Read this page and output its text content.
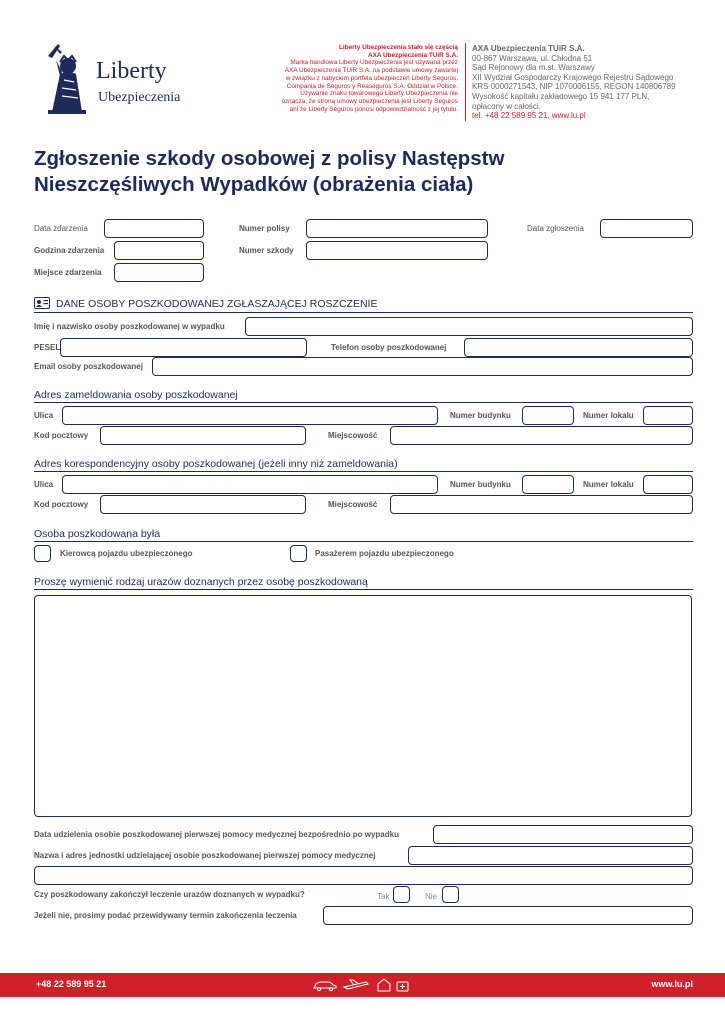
Liberty
Ubezpieczenia
Liberty Ubezpieczenia stało się częścią
AXA Ubezpieczenia TUiR S.A.
Marka handlowa Liberty Ubezpieczenia jest używana przez
AXA Ubezpieczenia TUiR S.A. na podstawie umowy zawartej
w związku z nabyciem portfela ubezpieczeń Liberty Seguros,
Compania de Seguros y Reaseguros S.A. Oddział w Polsce.
Używanie znaku towarowego Liberty Ubezpieczenia nie
oznacza, że stroną umowy ubezpieczenia jest Liberty Seguros
ani że Liberty Seguros ponosi odpowiedzialność z jej tytułu.
AXA Ubezpieczenia TUiR S.A.
00-867 Warszawa, ul. Chłodna 51
Sąd Rejonowy dla m.st. Warszawy
XII Wydział Gospodarczy Krajowego Rejestru Sądowego
KRS 0000271543, NIP 1070006155, REGON 140806789
Wysokość kapitału zakładowego 15 941 177 PLN,
opłacony w całości.
tel. +48 22 589 95 21, www.lu.pl
Zgłoszenie szkody osobowej z polisy Następstw
Nieszczęśliwych Wypadków (obrażenia ciała)
Data zdarzenia	Numer polisy	Data zgłoszenia
Godzina zdarzenia	Numer szkody
Miejsce zdarzenia
DANE OSOBY POSZKODOWANEJ ZGŁASZAJĄCEJ ROSZCZENIE
Imię i nazwisko osoby poszkodowanej w wypadku
PESEL	Telefon osoby poszkodowanej
Email osoby poszkodowanej
Adres zameldowania osoby poszkodowanej
Ulica	Numer budynku	Numer lokalu
Kod pocztowy	Miejscowość
Adres korespondencyjny osoby poszkodowanej (jeżeli inny niż zameldowania)
Ulica	Numer budynku	Numer lokalu
Kod pocztowy	Miejscowość
Osoba poszkodowana była
Kierowcą pojazdu ubezpieczonego	Pasażerem pojazdu ubezpieczonego
Proszę wymienić rodzaj urazów doznanych przez osobę poszkodowaną
Data udzielenia osobie poszkodowanej pierwszej pomocy medycznej bezpośrednio po wypadku
Nazwa i adres jednostki udzielającej osobie poszkodowanej pierwszej pomocy medycznej
Czy poszkodowany zakończył leczenie urazów doznanych w wypadku?	Tak	Nie
Jeżeli nie, prosimy podać przewidywany termin zakończenia leczenia
+48 22 589 95 21	www.lu.pl
